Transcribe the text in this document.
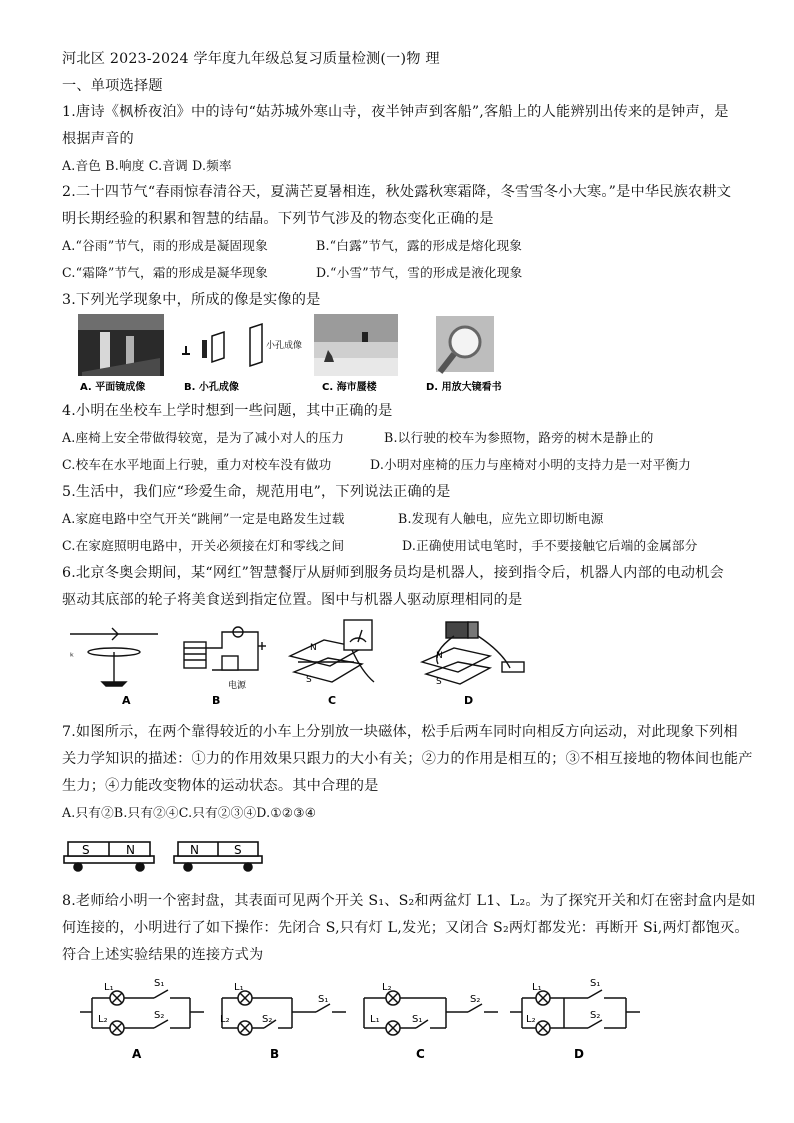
河北区 2023-2024 学年度九年级总复习质量检测(一)物 理
一、单项选择题
1.唐诗《枫桥夜泊》中的诗句“姑苏城外寒山寺，夜半钟声到客船”,客船上的人能辨别出传来的是钟声，是
根据声音的
A.音色 B.响度 C.音调 D.频率
2.二十四节气“春雨惊春清谷天，夏满芒夏暑相连，秋处露秋寒霜降，冬雪雪冬小大寒。”是中华民族农耕文
明长期经验的积累和智慧的结晶。下列节气涉及的物态变化正确的是
A.“谷雨”节气，雨的形成是凝固现象	B.“白露”节气，露的形成是熔化现象
C.“霜降”节气，霜的形成是凝华现象	D.“小雪”节气，雪的形成是液化现象
3.下列光学现象中，所成的像是实像的是
小孔成像
A. 平面镜成像	B. 小孔成像	C. 海市蜃楼	D. 用放大镜看书
4.小明在坐校车上学时想到一些问题，其中正确的是
A.座椅上安全带做得较宽，是为了减小对人的压力	B.以行驶的校车为参照物，路旁的树木是静止的
C.校车在水平地面上行驶，重力对校车没有做功	D.小明对座椅的压力与座椅对小明的支持力是一对平衡力
5.生活中，我们应“珍爱生命，规范用电”，下列说法正确的是
A.家庭电路中空气开关“跳闸”一定是电路发生过载	B.发现有人触电，应先立即切断电源
C.在家庭照明电路中，开关必须接在灯和零线之间	D.正确使用试电笔时，手不要接触它后端的金属部分
6.北京冬奥会期间，某“网红”智慧餐厅从厨师到服务员均是机器人，接到指令后，机器人内部的电动机会
驱动其底部的轮子将美食送到指定位置。图中与机器人驱动原理相同的是
ᵏ
电源
N
S
N
S
A	B	C	D
7.如图所示，在两个靠得较近的小车上分别放一块磁体，松手后两车同时向相反方向运动，对此现象下列相
关力学知识的描述：①力的作用效果只跟力的大小有关；②力的作用是相互的；③不相互接地的物体间也能产
生力；④力能改变物体的运动状态。其中合理的是
A.只有②B.只有②④C.只有②③④D.①②③④
S	N	N	S
8.老师给小明一个密封盘，其表面可见两个开关 S₁、S₂和两盆灯 L1、L₂。为了探究开关和灯在密封盒内是如
何连接的，小明进行了如下操作：先闭合 S,只有灯 L,发光；又闭合 S₂两灯都发光：再断开 Si,两灯都饱灭。
符合上述实验结果的连接方式为
L₁	S₁
L₂	S₂
L₁
L₂	S₂
S₁
L₂
L₁	S₁
S₂
L₁
L₂
S₁
S₂
A	B	C	D
